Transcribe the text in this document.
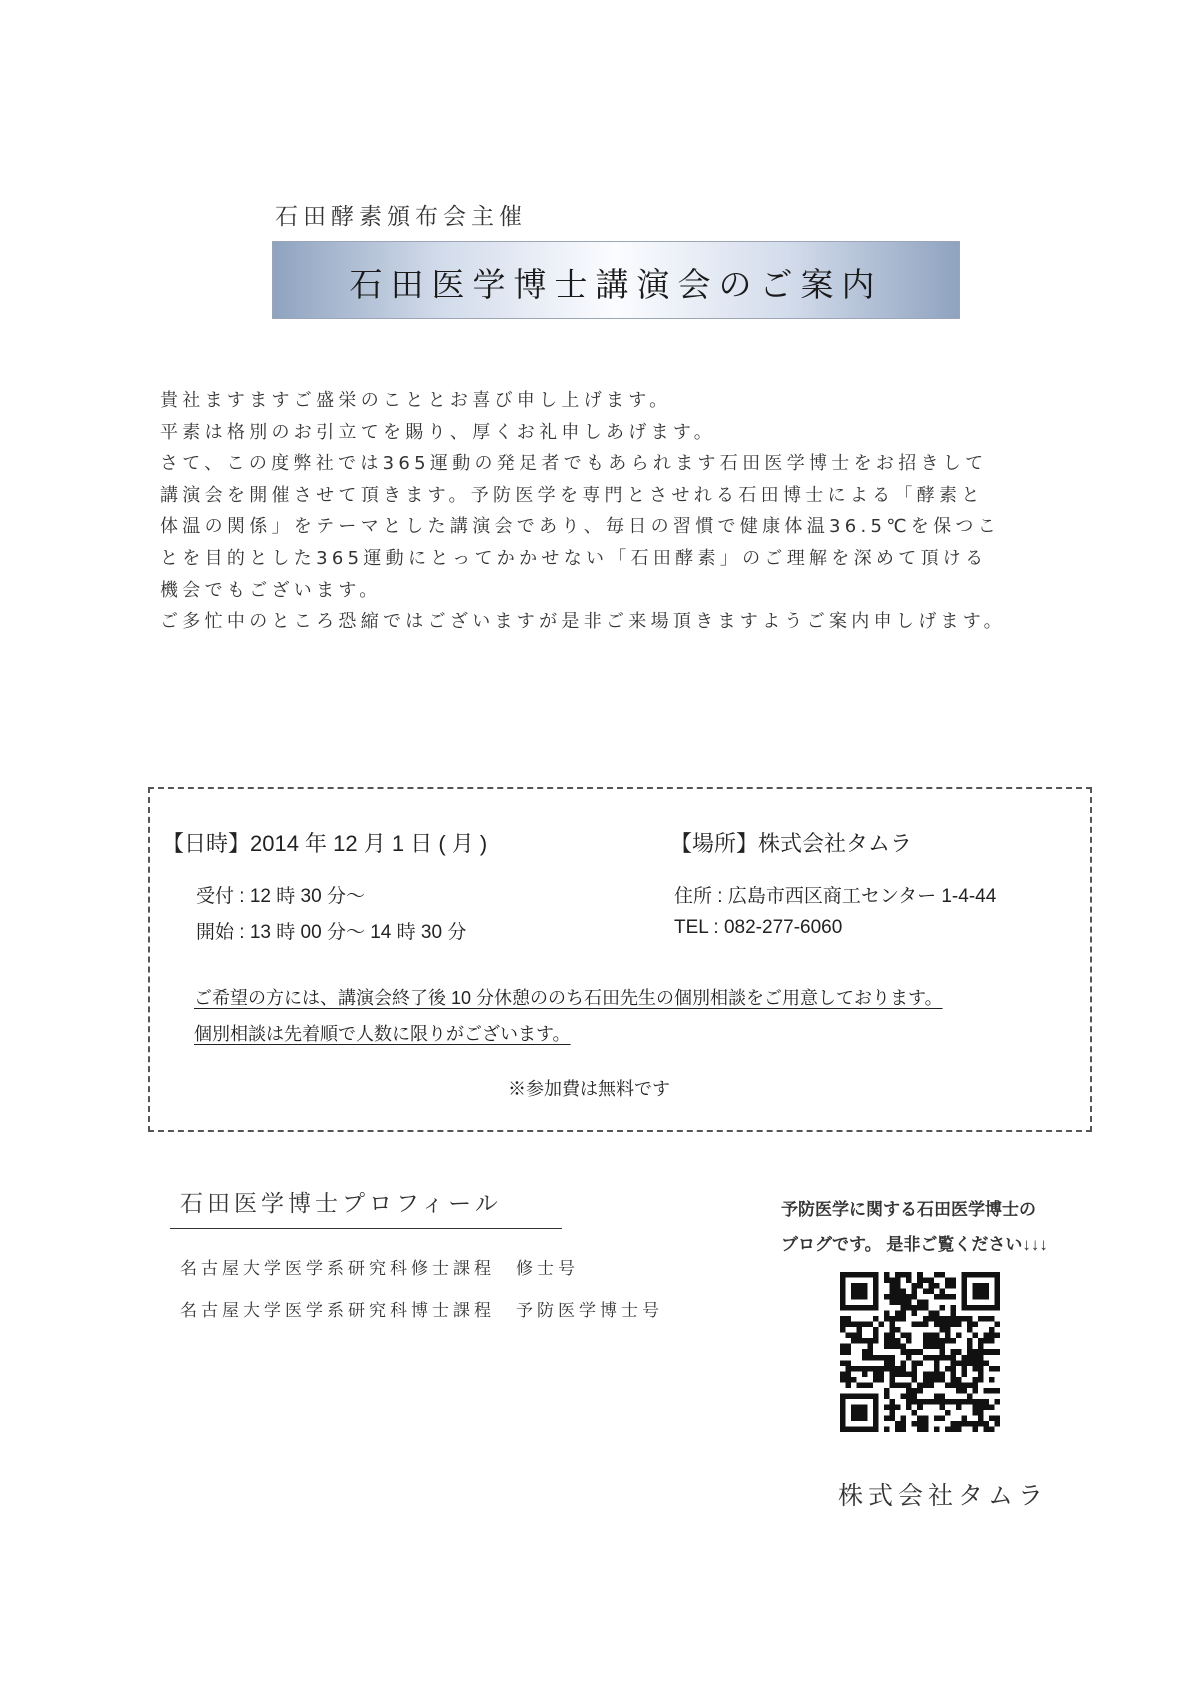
石田酵素頒布会主催
石田医学博士講演会のご案内

貴社ますますご盛栄のこととお喜び申し上げます。

平素は格別のお引立てを賜り、厚くお礼申しあげます。

さて、この度弊社では365運動の発足者でもあられます石田医学博士をお招きして

講演会を開催させて頂きます。予防医学を専門とさせれる石田博士による「酵素と

体温の関係」をテーマとした講演会であり、毎日の習慣で健康体温36.5℃を保つこ

とを目的とした365運動にとってかかせない「石田酵素」のご理解を深めて頂ける

機会でもございます。

ご多忙中のところ恐縮ではございますが是非ご来場頂きますようご案内申しげます。

【日時】2014 年 12 月 1 日 ( 月 )
受付 : 12 時 30 分～
開始 : 13 時 00 分～ 14 時 30 分
【場所】株式会社タムラ
住所 : 広島市西区商工センター 1-4-44
TEL : 082-277-6060
ご希望の方には、講演会終了後 10 分休憩ののち石田先生の個別相談をご用意しております。
個別相談は先着順で人数に限りがございます。
※参加費は無料です
石田医学博士プロフィール
名古屋大学医学系研究科修士課程　修士号
名古屋大学医学系研究科博士課程　予防医学博士号
予防医学に関する石田医学博士の
ブログです。 是非ご覧ください↓↓↓
株式会社タムラ
